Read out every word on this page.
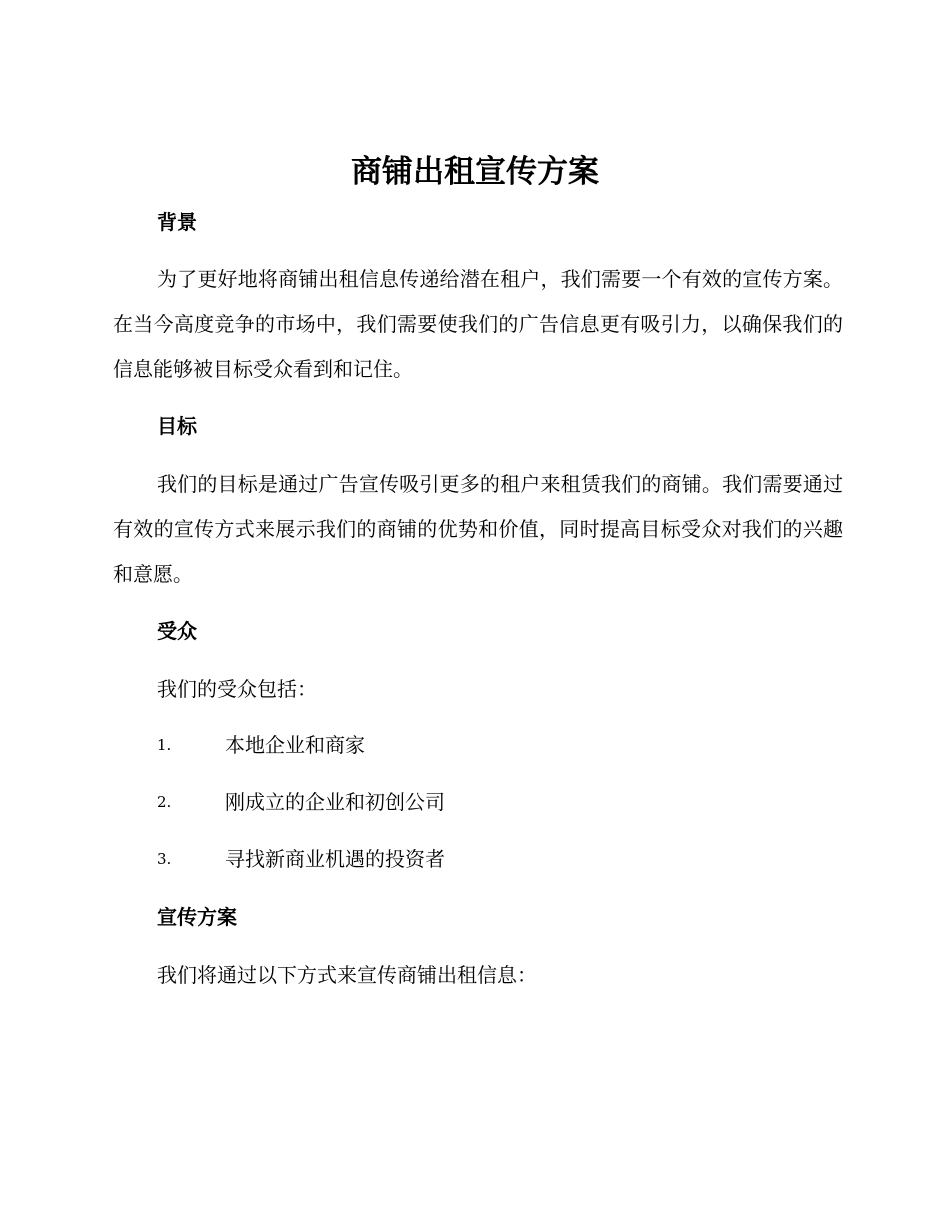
商铺出租宣传方案
背景
为了更好地将商铺出租信息传递给潜在租户，我们需要一个有效的宣传方案。在当今高度竞争的市场中，我们需要使我们的广告信息更有吸引力，以确保我们的信息能够被目标受众看到和记住。
目标
我们的目标是通过广告宣传吸引更多的租户来租赁我们的商铺。我们需要通过有效的宣传方式来展示我们的商铺的优势和价值，同时提高目标受众对我们的兴趣和意愿。
受众
我们的受众包括：
1.	本地企业和商家
2.	刚成立的企业和初创公司
3.	寻找新商业机遇的投资者
宣传方案
我们将通过以下方式来宣传商铺出租信息：
